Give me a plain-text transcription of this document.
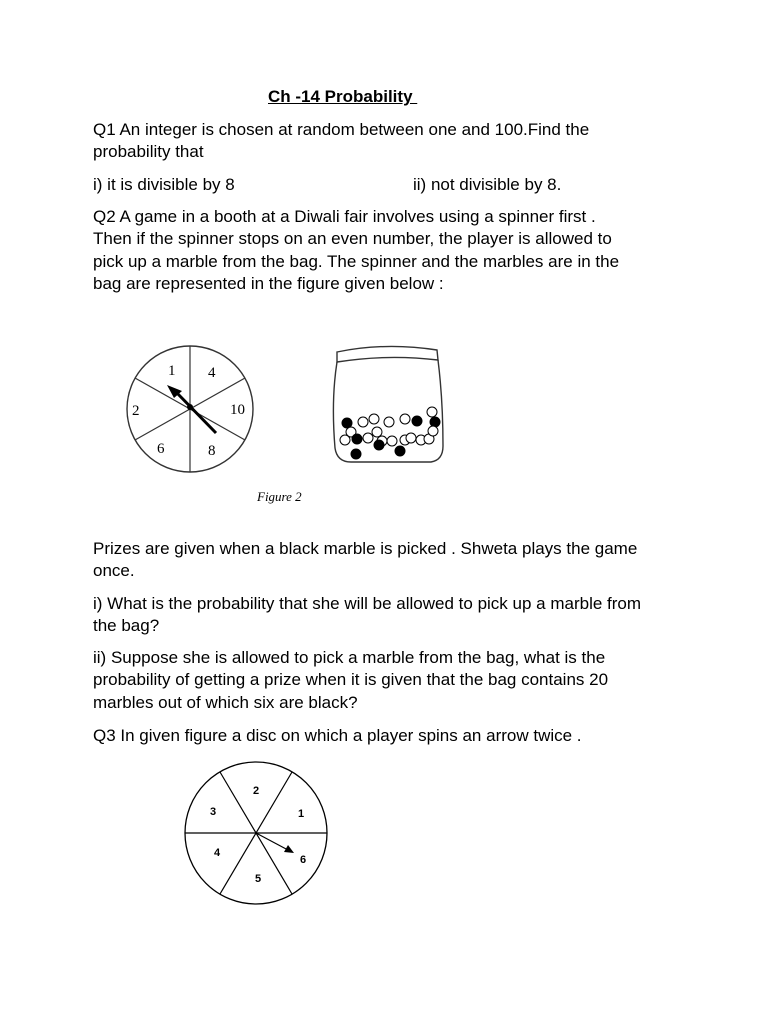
Ch -14 Probability

Q1 An integer is chosen at random between one and 100.Find the

probability that

i) it is divisible by 8	ii) not divisible by 8.

Q2 A game in a booth at a Diwali fair involves using a spinner first .

Then if the spinner stops on an even number, the player is allowed to

pick up a marble from the bag. The spinner and the marbles are in the

bag are represented in the figure given below :

1 4
10
8
6
2
Figure 2

Prizes are given when a black marble is picked . Shweta plays the game

once.

i) What is the probability that she will be allowed to pick up a marble from

the bag?

ii) Suppose she is allowed to pick a marble from the bag, what is the

probability of getting a prize when it is given that the bag contains 20

marbles out of which six are black?

Q3 In given figure a disc on which a player spins an arrow twice .

1
2
3
4
5
6
